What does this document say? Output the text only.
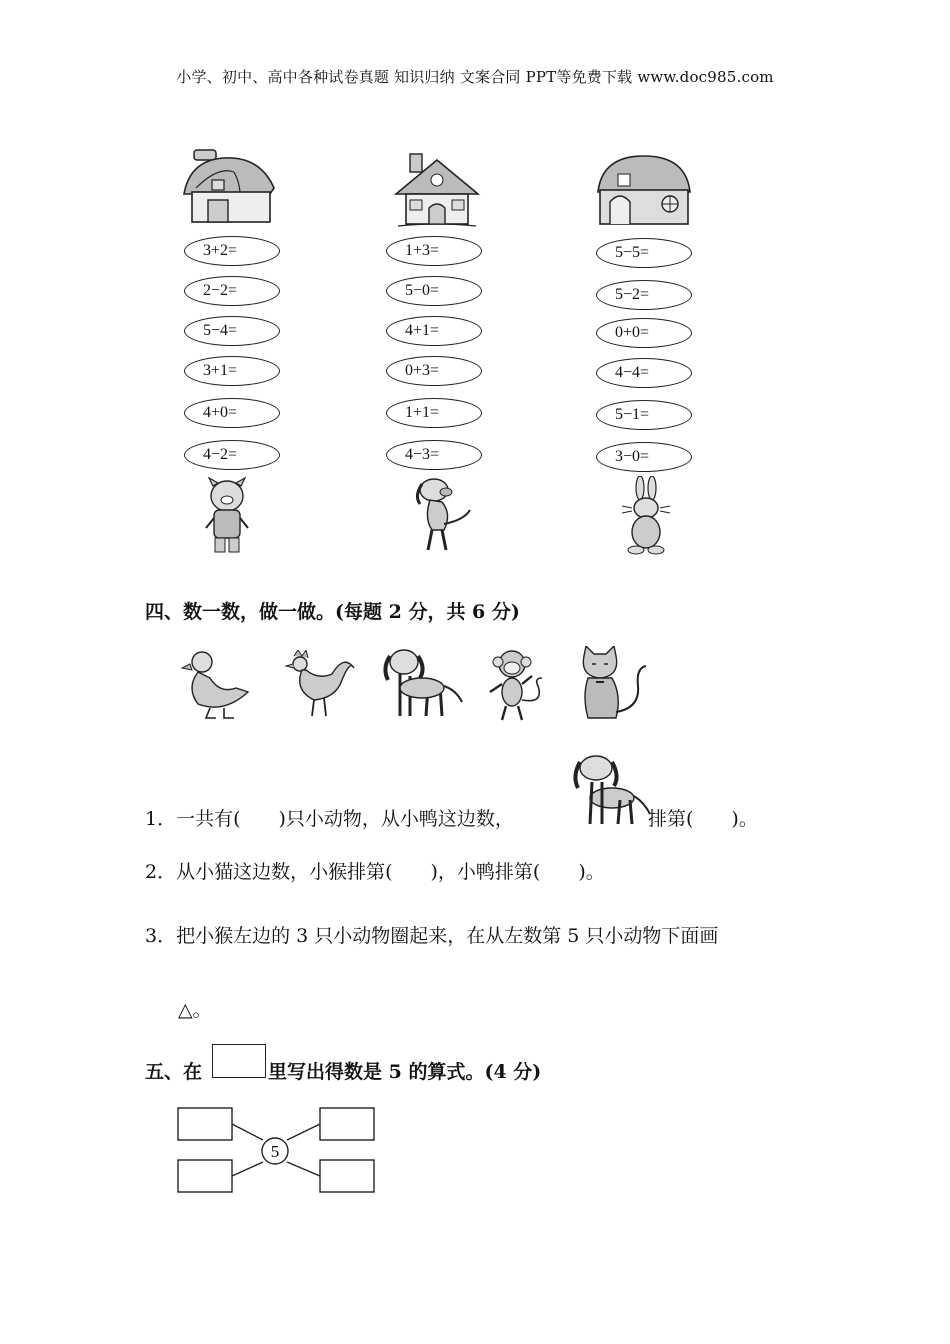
小学、初中、高中各种试卷真题 知识归纳 文案合同 PPT等免费下载 www.doc985.com
3+2=
2−2=
5−4=
3+1=
4+0=
4−2=
1+3=
5−0=
4+1=
0+3=
1+1=
4−3=
5−5=
5−2=
0+0=
4−4=
5−1=
3−0=
四、数一数，做一做。(每题 2 分，共 6 分)
1．一共有(　　)只小动物，从小鸭这边数，	排第(　　)。
2．从小猫这边数，小猴排第(　　)，小鸭排第(　　)。
3．把小猴左边的 3 只小动物圈起来，在从左数第 5 只小动物下面画
△。
五、在	里写出得数是 5 的算式。(4 分)
5
